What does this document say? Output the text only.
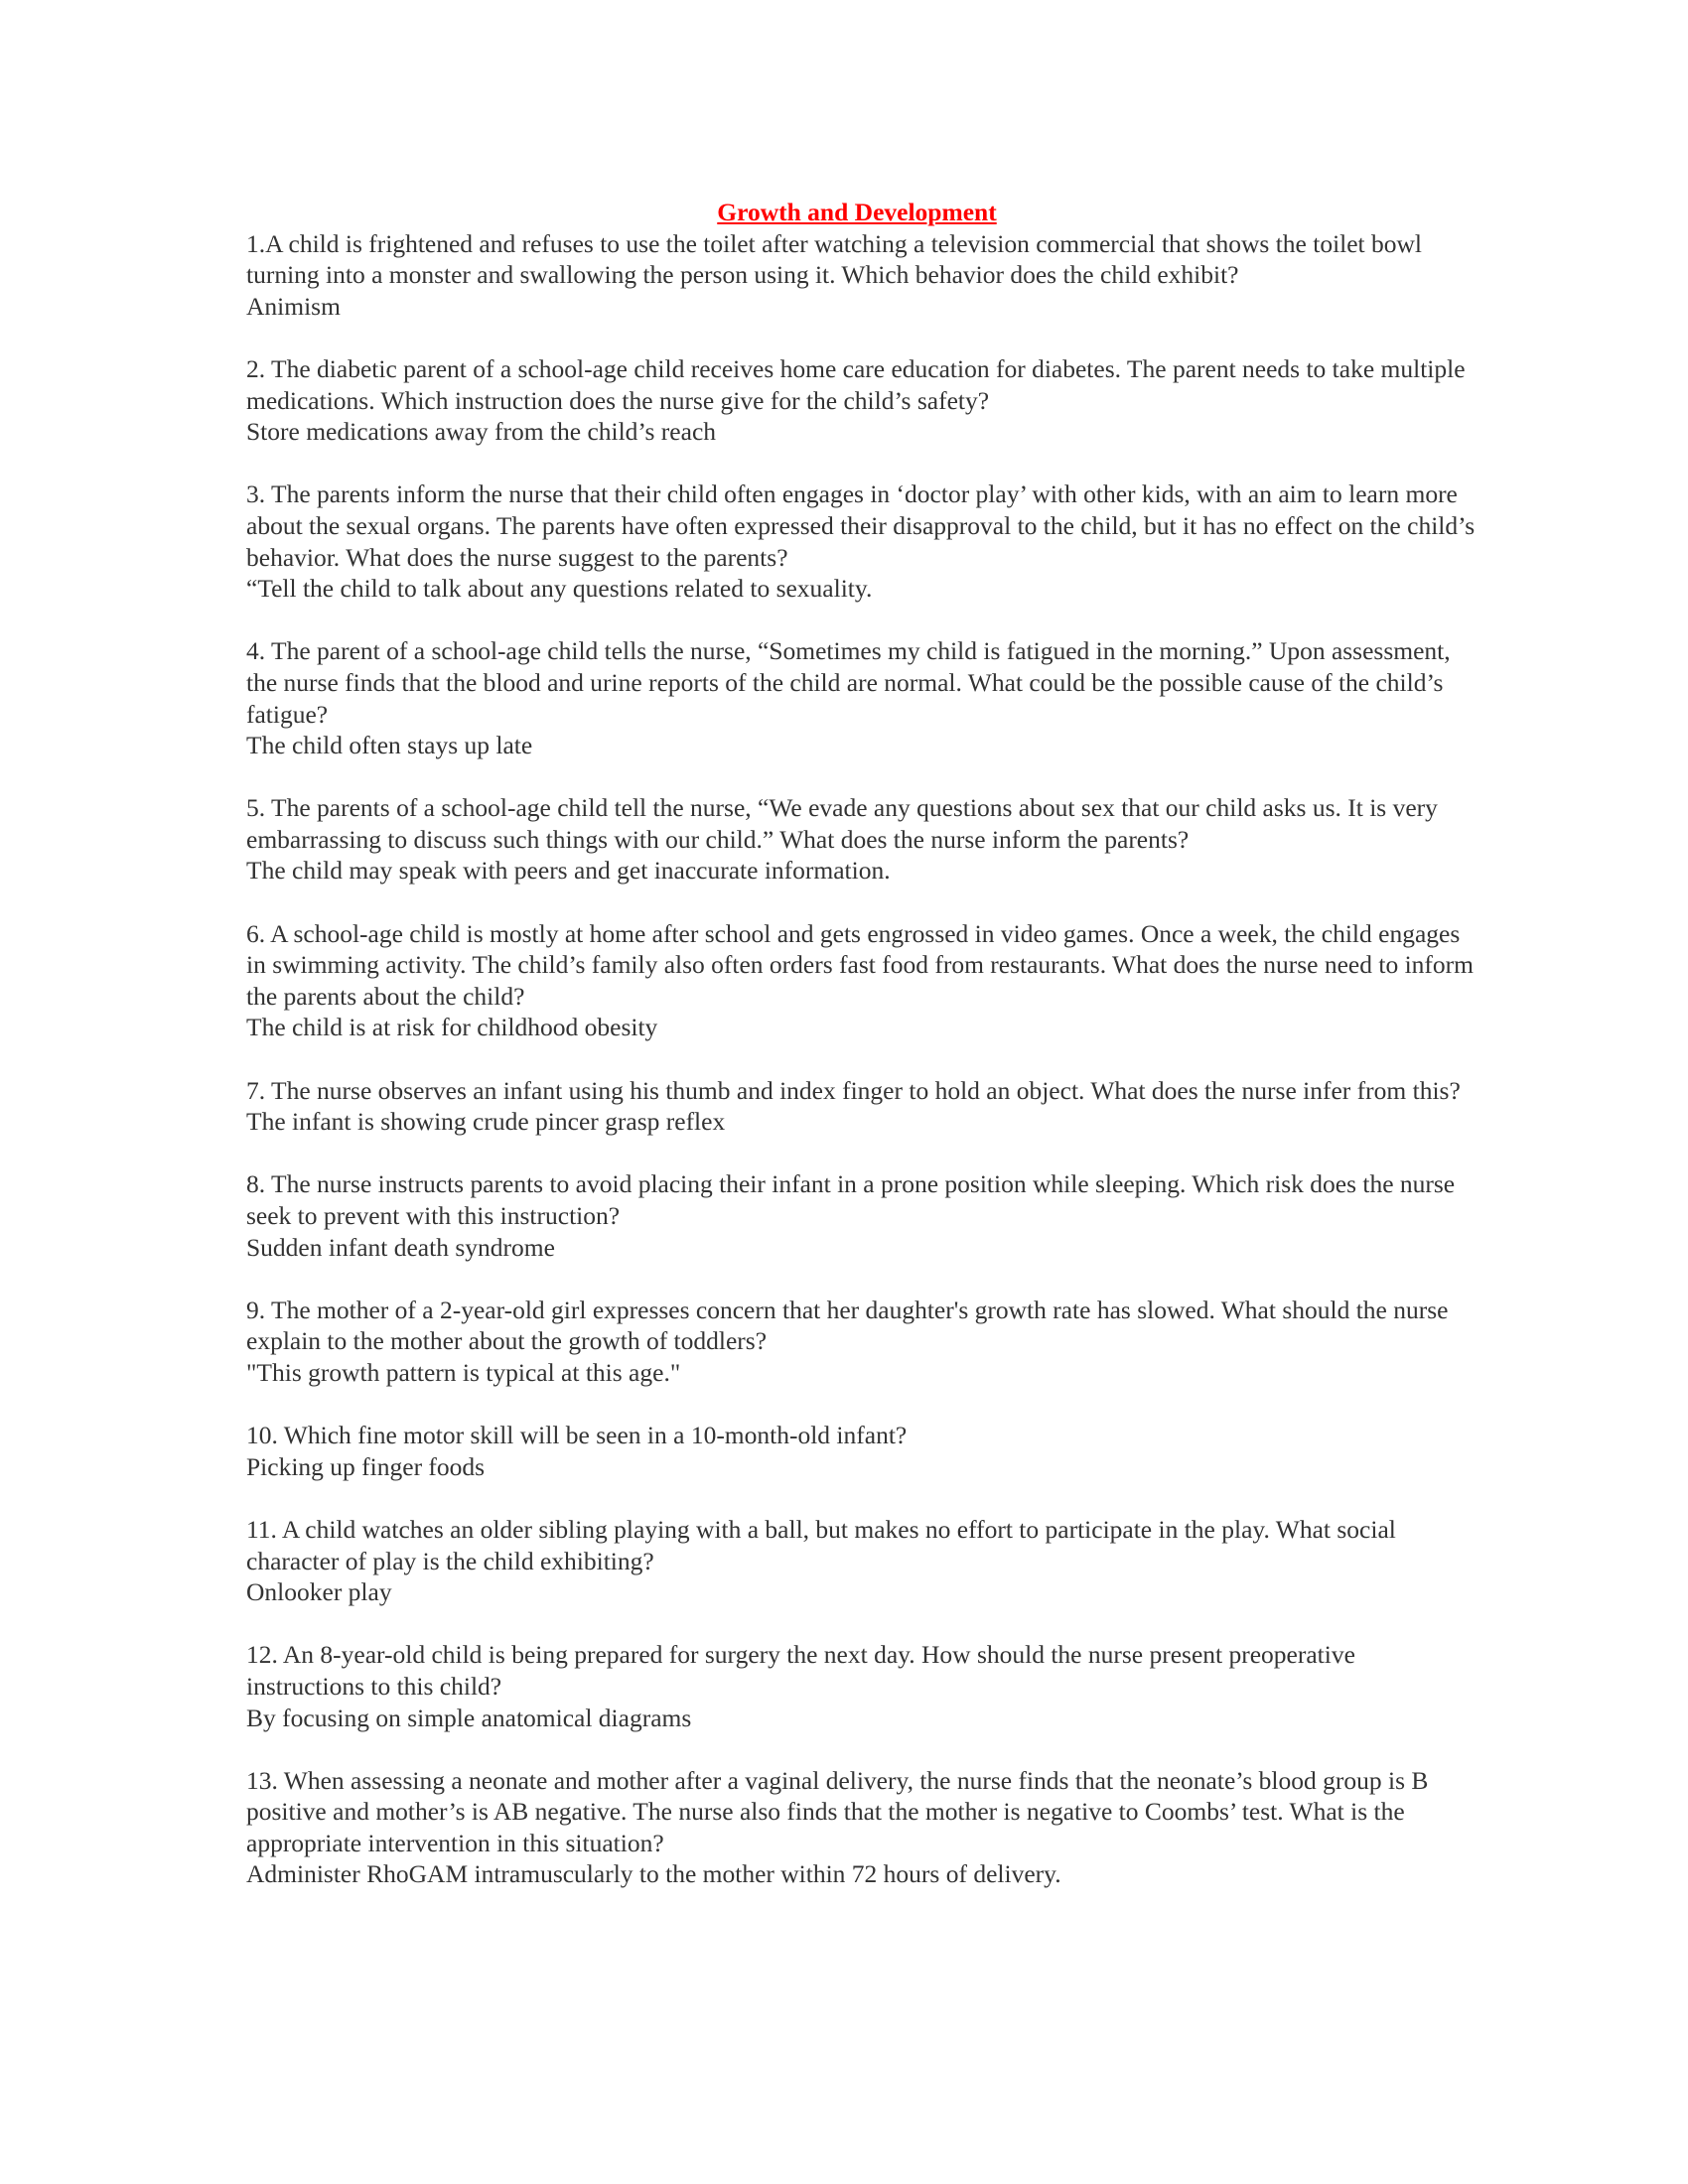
Growth and Development
1.A child is frightened and refuses to use the toilet after watching a television commercial that shows the toilet bowl turning into a monster and swallowing the person using it. Which behavior does the child exhibit?
Animism
2. The diabetic parent of a school-age child receives home care education for diabetes. The parent needs to take multiple medications. Which instruction does the nurse give for the child’s safety?
Store medications away from the child’s reach
3. The parents inform the nurse that their child often engages in ‘doctor play’ with other kids, with an aim to learn more about the sexual organs. The parents have often expressed their disapproval to the child, but it has no effect on the child’s behavior. What does the nurse suggest to the parents?
“Tell the child to talk about any questions related to sexuality.
4. The parent of a school-age child tells the nurse, “Sometimes my child is fatigued in the morning.” Upon assessment, the nurse finds that the blood and urine reports of the child are normal. What could be the possible cause of the child’s fatigue?
The child often stays up late
5. The parents of a school-age child tell the nurse, “We evade any questions about sex that our child asks us. It is very embarrassing to discuss such things with our child.” What does the nurse inform the parents?
The child may speak with peers and get inaccurate information.
6. A school-age child is mostly at home after school and gets engrossed in video games. Once a week, the child engages in swimming activity. The child’s family also often orders fast food from restaurants. What does the nurse need to inform the parents about the child?
The child is at risk for childhood obesity
7. The nurse observes an infant using his thumb and index finger to hold an object. What does the nurse infer from this?
The infant is showing crude pincer grasp reflex
8. The nurse instructs parents to avoid placing their infant in a prone position while sleeping. Which risk does the nurse seek to prevent with this instruction?
Sudden infant death syndrome
9. The mother of a 2-year-old girl expresses concern that her daughter's growth rate has slowed. What should the nurse explain to the mother about the growth of toddlers?
"This growth pattern is typical at this age."
10. Which fine motor skill will be seen in a 10-month-old infant?
Picking up finger foods
11. A child watches an older sibling playing with a ball, but makes no effort to participate in the play. What social character of play is the child exhibiting?
Onlooker play
12. An 8-year-old child is being prepared for surgery the next day. How should the nurse present preoperative instructions to this child?
By focusing on simple anatomical diagrams
13. When assessing a neonate and mother after a vaginal delivery, the nurse finds that the neonate’s blood group is B positive and mother’s is AB negative. The nurse also finds that the mother is negative to Coombs’ test. What is the appropriate intervention in this situation?
Administer RhoGAM intramuscularly to the mother within 72 hours of delivery.
